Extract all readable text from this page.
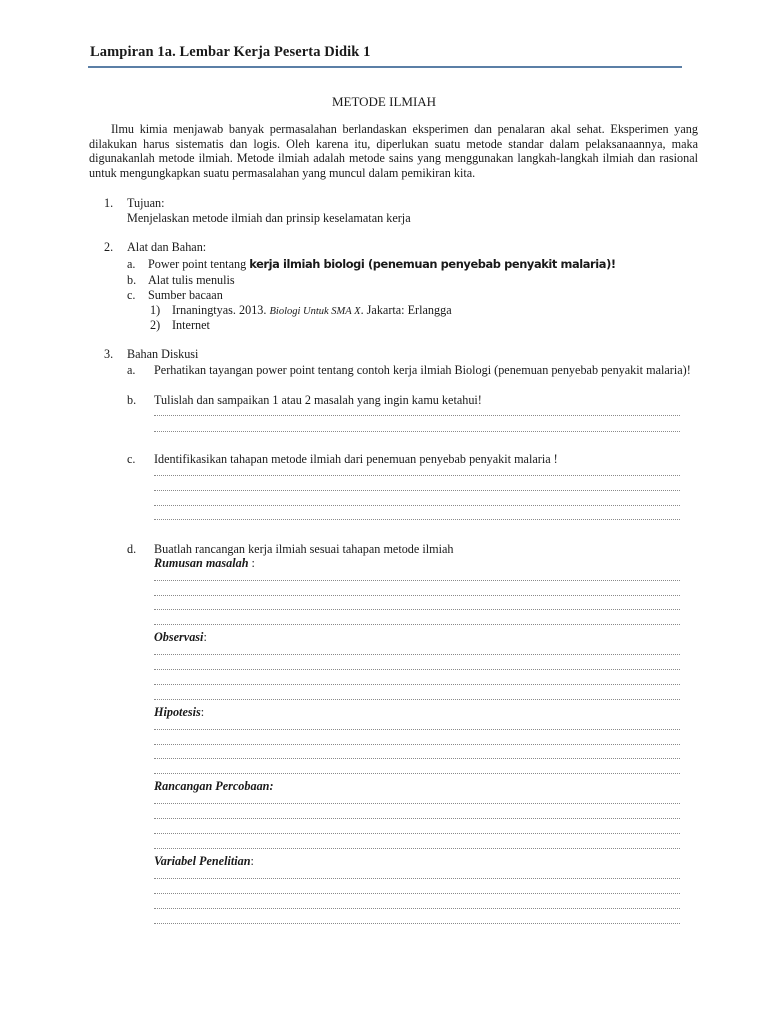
Lampiran 1a. Lembar Kerja Peserta Didik 1
METODE ILMIAH
Ilmu kimia menjawab banyak permasalahan berlandaskan eksperimen dan penalaran akal sehat. Eksperimen yang dilakukan harus sistematis dan logis. Oleh karena itu, diperlukan suatu metode standar dalam pelaksanaannya, maka digunakanlah metode ilmiah. Metode ilmiah adalah metode sains yang menggunakan langkah-langkah ilmiah dan rasional untuk mengungkapkan suatu permasalahan yang muncul dalam pemikiran kita.
1. Tujuan:
Menjelaskan metode ilmiah dan prinsip keselamatan kerja
2. Alat dan Bahan:
a. Power point tentang kerja ilmiah biologi (penemuan penyebab penyakit malaria)!
b. Alat tulis menulis
c. Sumber bacaan
1) Irnaningtyas. 2013. Biologi Untuk SMA X. Jakarta: Erlangga
2) Internet
3. Bahan Diskusi
a. Perhatikan tayangan power point tentang contoh kerja ilmiah Biologi (penemuan penyebab penyakit malaria)!
b. Tulislah dan sampaikan 1 atau 2 masalah yang ingin kamu ketahui!
c. Identifikasikan tahapan metode ilmiah dari penemuan penyebab penyakit malaria !
d. Buatlah rancangan kerja ilmiah sesuai tahapan metode ilmiah
Rumusan masalah :
Observasi:
Hipotesis:
Rancangan Percobaan:
Variabel Penelitian:
